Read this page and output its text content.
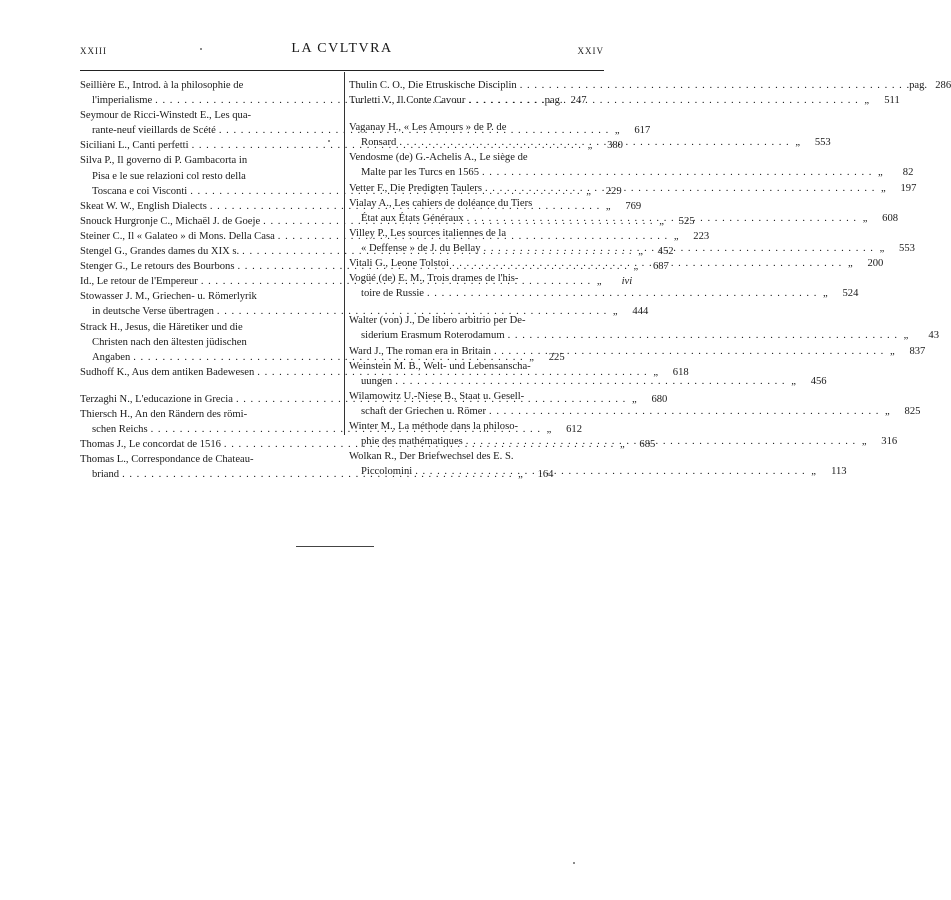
XXIII	LA CVLTVRA	XXIV
Seillière E., Introd. à la philosophie de
l'imperialisme . . .	pag. 247
Seymour de Ricci-Winstedt E., Les qua-
rante-neuf vieillards de Scété . . .	„	617
Siciliani L., Canti perfetti . . .	„	380
Silva P., Il governo di P. Gambacorta in
Pisa e le sue relazioni col resto della
Toscana e coi Visconti . . .	„	229
Skeat W. W., English Dialects . . .	„	769
Snouck Hurgronje C., Michaël J. de Goeje . . .	„	525
Steiner C., Il « Galateo » di Mons. Della Casa . . .	„	223
Stengel G., Grandes dames du XIX s. . . .	„	452
Stenger G., Le retours des Bourbons . . .	„	687
Id., Le retour de l'Empereur . . .	„	ivi
Stowasser J. M., Griechen- u. Römerlyrik
in deutsche Verse übertragen . . .	„	444
Strack H., Jesus, die Häretiker und die
Christen nach den ältesten jüdischen
Angaben . . .	„	225
Sudhoff K., Aus dem antiken Badewesen . . .	„	618
Terzaghi N., L'educazione in Grecia . . .	„	680
Thiersch H., An den Rändern des römi-
schen Reichs . . .	„	612
Thomas J., Le concordat de 1516 . . .	„	685
Thomas L., Correspondance de Chateau-
briand . . .	„	164
Thulin C. O., Die Etruskische Disciplin . . .	pag. 286
Turletti V., Il Conte Cavour . . .	„	511
Vaganay H., « Les Amours » de P. de
Ronsard . . .	„	553
Vendosme (de) G.-Achelis A., Le siège de
Malte par les Turcs en 1565 . . .	„	82
Vetter F., Die Predigten Taulers . . .	„	197
Vialay A., Les cahiers de doléance du Tiers
État aux États Généraux . . .	„	608
Villey P., Les sources italiennes de la
« Deffense » de J. du Bellay . . .	„	553
Vitali G., Leone Tolstoi . . .	„	200
Vogüé (de) E. M., Trois drames de l'his-
toire de Russie . . .	„	524
Walter (von) J., De libero arbitrio per De-
siderium Erasmum Roterodamum . . .	„	43
Ward J., The roman era in Britain . . .	„	837
Weinstein M. B., Welt- und Lebensanscha-
uungen . . .	„	456
Wilamowitz U.-Niese B., Staat u. Gesell-
schaft der Griechen u. Römer . . .	„	825
Winter M., La méthode dans la philoso-
phie des mathématiques . . .	„	316
Wolkan R., Der Briefwechsel des E. S.
Piccolomini . . .	„	113
